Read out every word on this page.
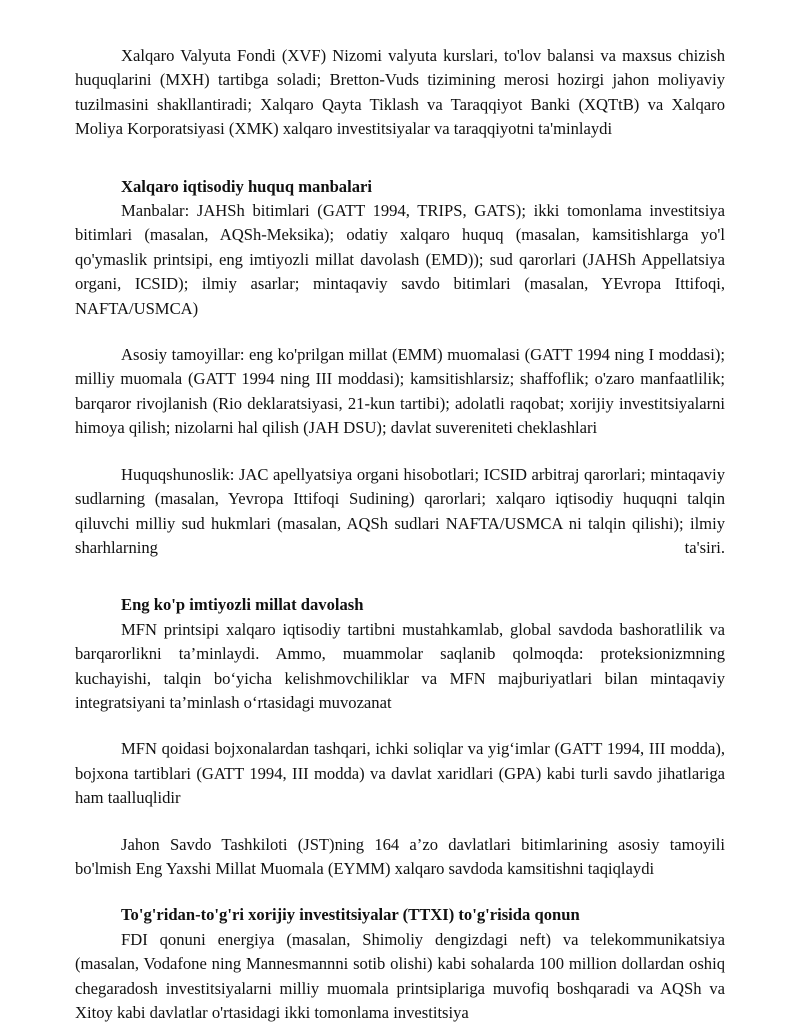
Xalqaro Valyuta Fondi (XVF) Nizomi valyuta kurslari, to'lov balansi va maxsus chizish huquqlarini (MXH) tartibga soladi; Bretton-Vuds tizimining merosi hozirgi jahon moliyaviy tuzilmasini shakllantiradi; Xalqaro Qayta Tiklash va Taraqqiyot Banki (XQTtB) va Xalqaro Moliya Korporatsiyasi (XMK) xalqaro investitsiyalar va taraqqiyotni ta'minlaydi

Xalqaro iqtisodiy huquq manbalari

Manbalar: JAHSh bitimlari (GATT 1994, TRIPS, GATS); ikki tomonlama investitsiya bitimlari (masalan, AQSh-Meksika); odatiy xalqaro huquq (masalan, kamsitishlarga yo'l qo'ymaslik printsipi, eng imtiyozli millat davolash (EMD)); sud qarorlari (JAHSh Appellatsiya organi, ICSID); ilmiy asarlar; mintaqaviy savdo bitimlari (masalan, YEvropa Ittifoqi, NAFTA/USMCA)

Asosiy tamoyillar: eng ko'prilgan millat (EMM) muomalasi (GATT 1994 ning I moddasi); milliy muomala (GATT 1994 ning III moddasi); kamsitishlarsiz; shaffoflik; o'zaro manfaatlilik; barqaror rivojlanish (Rio deklaratsiyasi, 21-kun tartibi); adolatli raqobat; xorijiy investitsiyalarni himoya qilish; nizolarni hal qilish (JAH DSU); davlat suvereniteti cheklashlari

Huquqshunoslik: JAC apellyatsiya organi hisobotlari; ICSID arbitraj qarorlari; mintaqaviy sudlarning (masalan, Yevropa Ittifoqi Sudining) qarorlari; xalqaro iqtisodiy huquqni talqin qiluvchi milliy sud hukmlari (masalan, AQSh sudlari NAFTA/USMCA ni talqin qilishi); ilmiy sharhlarning ta'siri.

Eng ko'p imtiyozli millat davolash

MFN printsipi xalqaro iqtisodiy tartibni mustahkamlab, global savdoda bashoratlilik va barqarorlikni ta’minlaydi. Ammo, muammolar saqlanib qolmoqda: proteksionizmning kuchayishi, talqin bo‘yicha kelishmovchiliklar va MFN majburiyatlari bilan mintaqaviy integratsiyani ta’minlash o‘rtasidagi muvozanat

MFN qoidasi bojxonalardan tashqari, ichki soliqlar va yig‘imlar (GATT 1994, III modda), bojxona tartiblari (GATT 1994, III modda) va davlat xaridlari (GPA) kabi turli savdo jihatlariga ham taalluqlidir

Jahon Savdo Tashkiloti (JST)ning 164 a’zo davlatlari bitimlarining asosiy tamoyili bo'lmish Eng Yaxshi Millat Muomala (EYMM) xalqaro savdoda kamsitishni taqiqlaydi

To'g'ridan-to'g'ri xorijiy investitsiyalar (TTXI) to'g'risida qonun

FDI qonuni energiya (masalan, Shimoliy dengizdagi neft) va telekommunikatsiya (masalan, Vodafone ning Mannesmannni sotib olishi) kabi sohalarda 100 million dollardan oshiq chegaradosh investitsiyalarni milliy muomala printsiplariga muvofiq boshqaradi va AQSh va Xitoy kabi davlatlar o'rtasidagi ikki tomonlama investitsiya
